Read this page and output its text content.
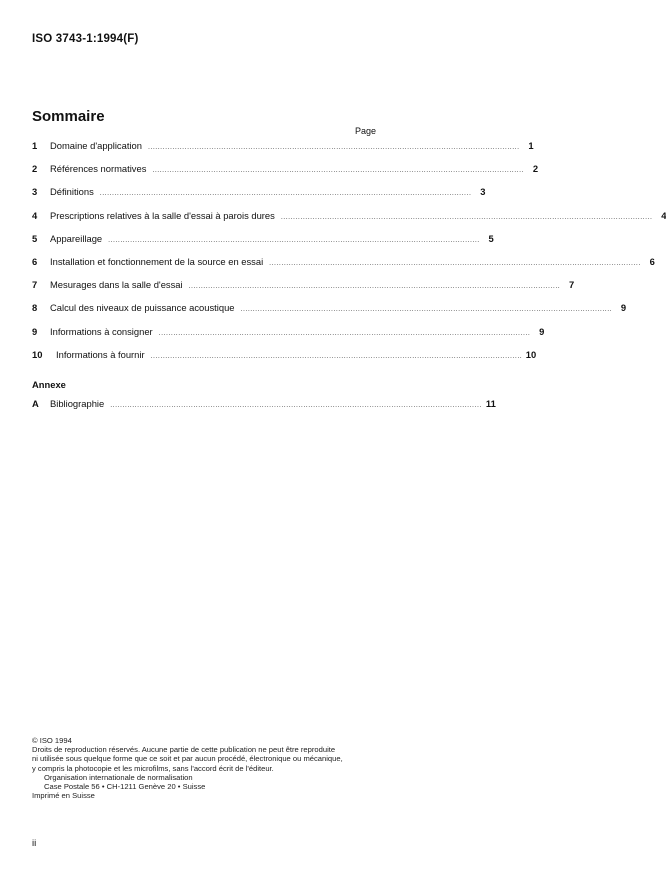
ISO 3743-1:1994(F)
Sommaire
Page
1	Domaine d'application ........................................................................................................................................................ 1
2	Références normatives ........................................................................................................................................................ 2
3	Définitions ........................................................................................................................................................ 3
4	Prescriptions relatives à la salle d'essai à parois dures ........................................................................................................................................................ 4
5	Appareillage ........................................................................................................................................................ 5
6	Installation et fonctionnement de la source en essai ........................................................................................................................................................ 6
7	Mesurages dans la salle d'essai ........................................................................................................................................................ 7
8	Calcul des niveaux de puissance acoustique ........................................................................................................................................................ 9
9	Informations à consigner ........................................................................................................................................................ 9
10	Informations à fournir ........................................................................................................................................................ 10
Annexe
A	Bibliographie ........................................................................................................................................................ 11
© ISO 1994
Droits de reproduction réservés. Aucune partie de cette publication ne peut être reproduite
ni utilisée sous quelque forme que ce soit et par aucun procédé, électronique ou mécanique,
y compris la photocopie et les microfilms, sans l'accord écrit de l'éditeur.
Organisation internationale de normalisation
Case Postale 56 • CH-1211 Genève 20 • Suisse
Imprimé en Suisse
ii
